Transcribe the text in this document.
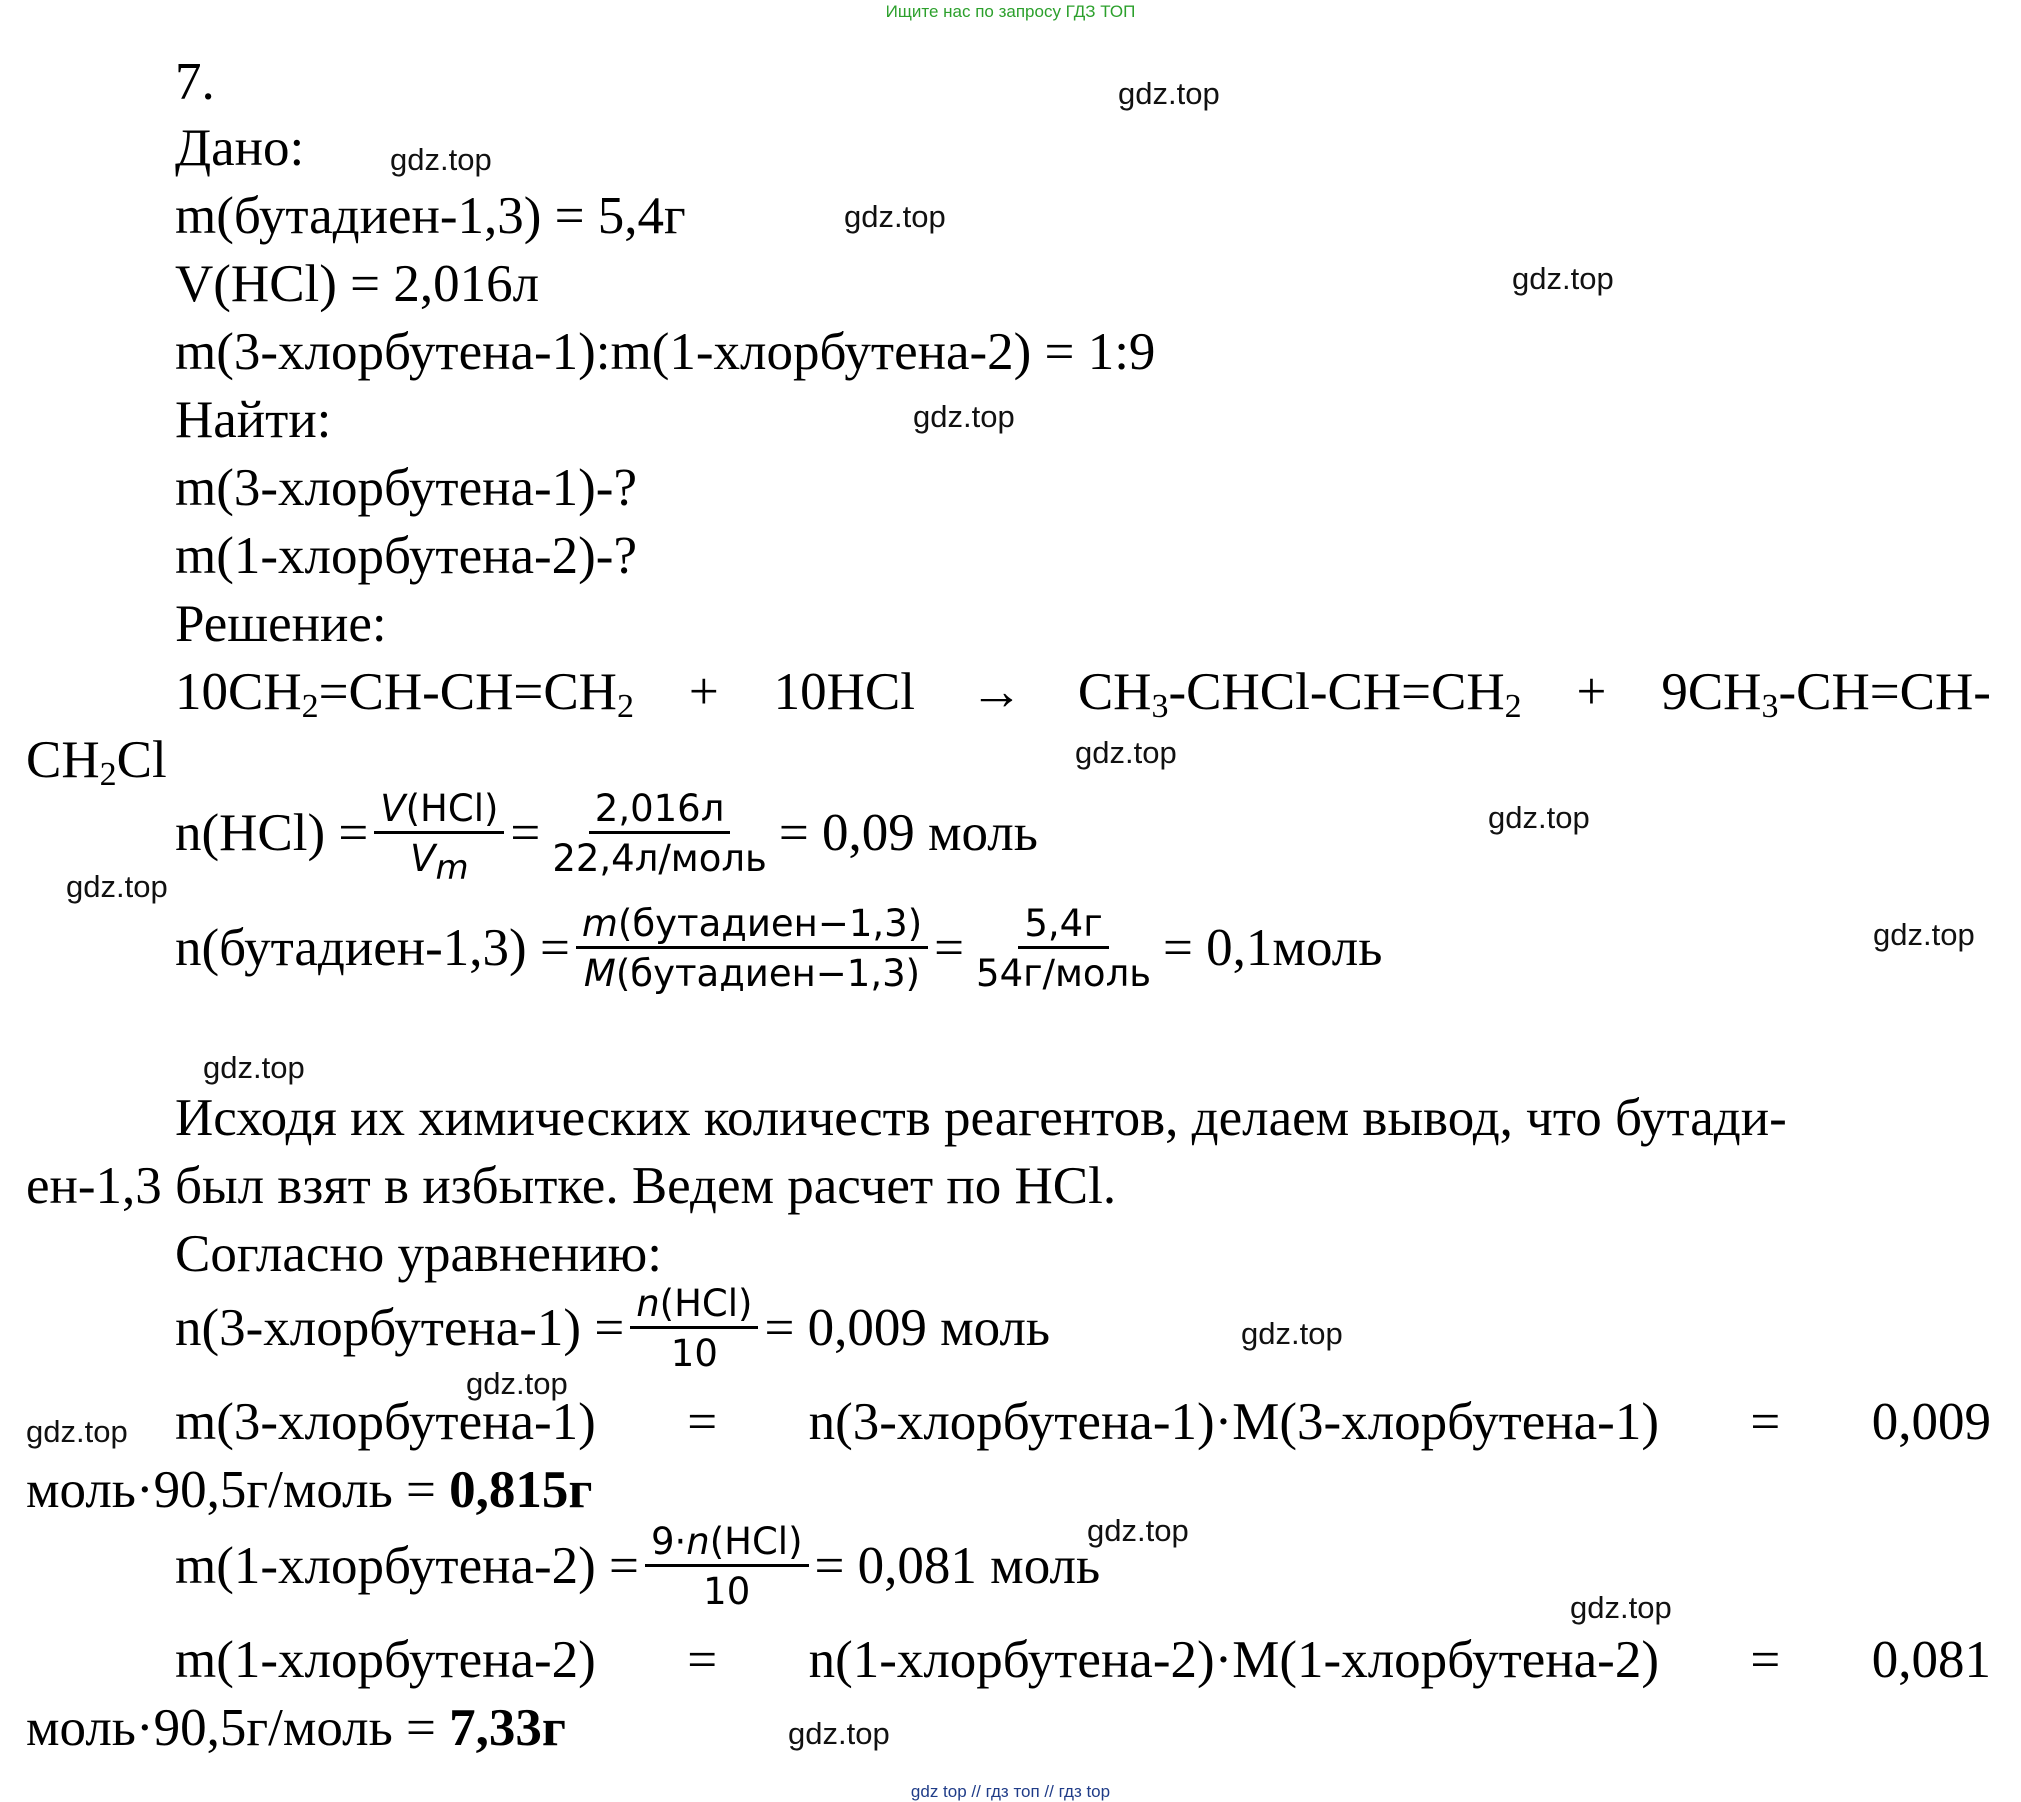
Ищите нас по запросу ГДЗ ТОП
gdz.top
gdz.top
gdz.top
gdz.top
gdz.top
gdz.top
gdz.top
gdz.top
gdz.top
gdz.top
gdz.top
gdz.top
gdz.top
gdz.top
gdz.top
gdz.top
7.
Дано:
m(бутадиен-1,3) = 5,4г
V(HCl) = 2,016л
m(3-хлорбутена-1):m(1-хлорбутена-2) = 1:9
Найти:
m(3-хлорбутена-1)-?
m(1-хлорбутена-2)-?
Решение:
$10CH_2=CH-CH=CH_2 + 10HCl$ → $CH_3-CHCl-CH=CH_2 + 9CH_3-CH=CH-$
$CH_2Cl$
$n(HCl) = \frac{\text{V(HCl)}}{V_m} = \frac{2,016л}{\text{22,4л/моль}} = 0,09$ моль
n(бутадиен-1,3) = $\frac{\text{m(бутадиен−1,3)}}{\text{M(бутадиен−1,3)}} = \frac{5,4г}{\text{54г/моль}}$ = 0,1моль
Исходя их химических количеств реагентов, делаем вывод, что бутади-
ен-1,3 был взят в избытке. Ведем расчет по HCl.
Согласно уравнению:
n(3-хлорбутена-1) = $\frac{\text{n(HCl)}}{10} = 0,009$ моль
m(3-хлорбутена-1) = n(3-хлорбутена-1)·M(3-хлорбутена-1) = 0,009
моль·90,5г/моль = 0,815г
m(1-хлорбутена-2) = $\frac{\text{9·n(HCl)}}{10} = 0,081$ моль
m(1-хлорбутена-2) = n(1-хлорбутена-2)·M(1-хлорбутена-2) = 0,081
моль·90,5г/моль = 7,33г
gdz top // гдз топ // гдз top
